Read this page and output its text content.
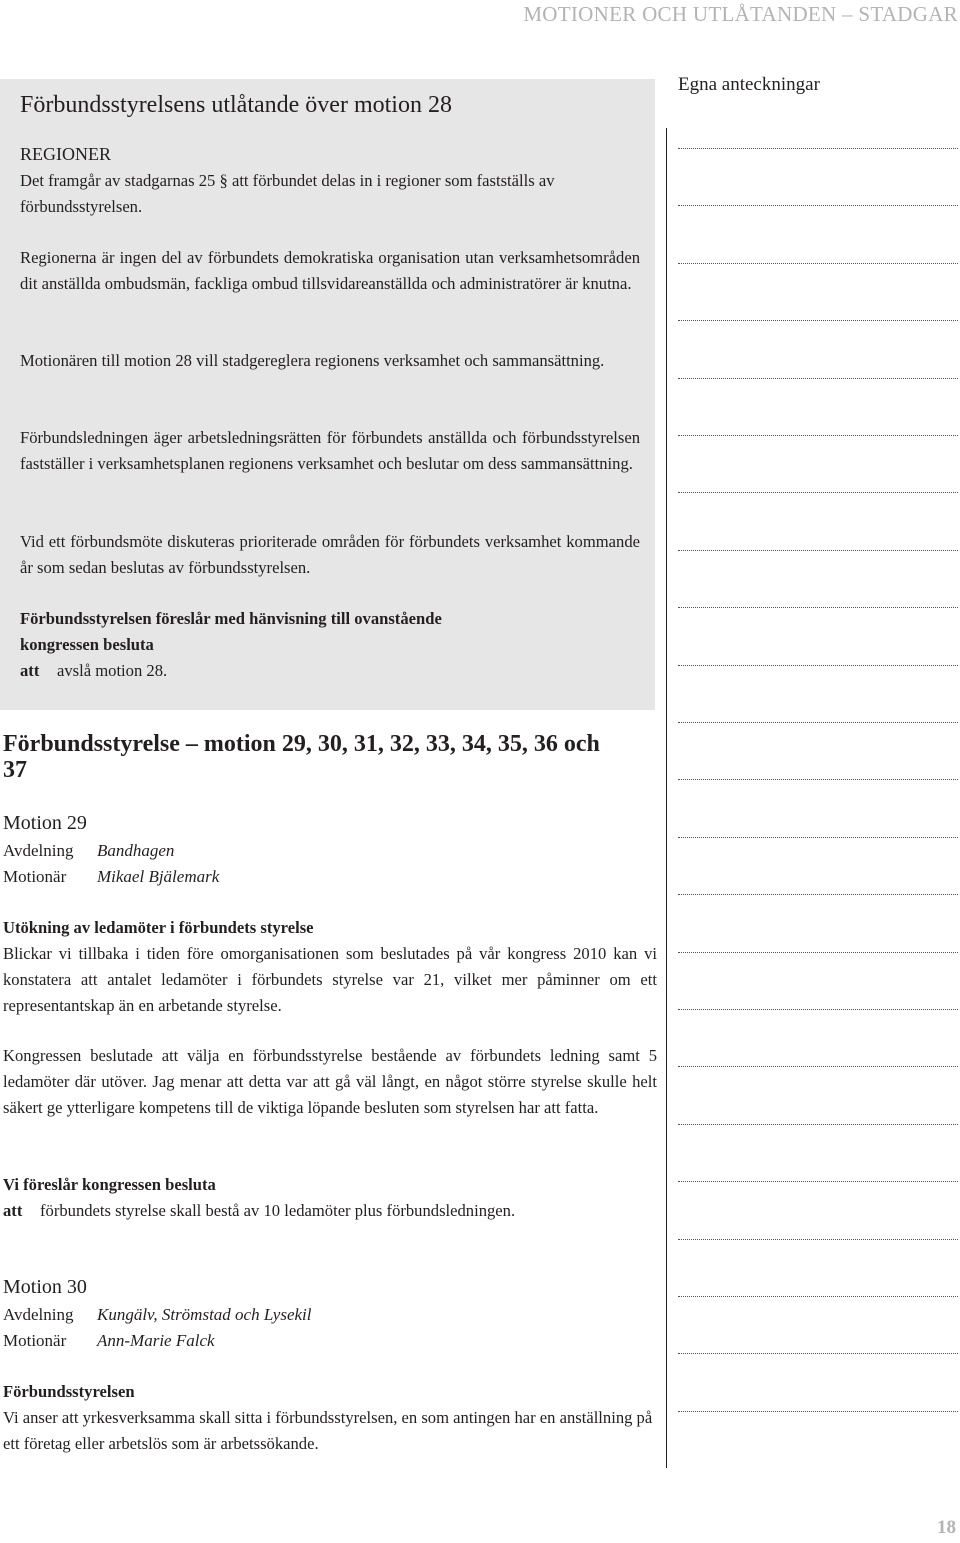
MOTIONER OCH UTLÅTANDEN – STADGAR
Förbundsstyrelsens utlåtande över motion 28
REGIONER

Det framgår av stadgarnas 25 § att förbundet delas in i regioner som fastställs av förbundsstyrelsen.

Regionerna är ingen del av förbundets demokratiska organisation utan verksamhetsområden dit anställda ombudsmän, fackliga ombud tillsvidareanställda och administratörer är knutna.

Motionären till motion 28 vill stadgereglera regionens verksamhet och sammansättning.

Förbundsledningen äger arbetsledningsrätten för förbundets anställda och förbundsstyrelsen fastställer i verksamhetsplanen regionens verksamhet och beslutar om dess sammansättning.

Vid ett förbundsmöte diskuteras prioriterade områden för förbundets verksamhet kommande år som sedan beslutas av förbundsstyrelsen.

Förbundsstyrelsen föreslår med hänvisning till ovanstående
kongressen besluta
att avslå motion 28.
Förbundsstyrelse – motion 29, 30, 31, 32, 33, 34, 35, 36 och 37
Motion 29
Avdelning Bandhagen
Motionär Mikael Bjälemark
Utökning av ledamöter i förbundets styrelse

Blickar vi tillbaka i tiden före omorganisationen som beslutades på vår kongress 2010 kan vi konstatera att antalet ledamöter i förbundets styrelse var 21, vilket mer påminner om ett representantskap än en arbetande styrelse.

Kongressen beslutade att välja en förbundsstyrelse bestående av förbundets ledning samt 5 ledamöter där utöver. Jag menar att detta var att gå väl långt, en något större styrelse skulle helt säkert ge ytterligare kompetens till de viktiga löpande besluten som styrelsen har att fatta.

Vi föreslår kongressen besluta
att förbundets styrelse skall bestå av 10 ledamöter plus förbundsledningen.
Motion 30
Avdelning Kungälv, Strömstad och Lysekil
Motionär Ann-Marie Falck
Förbundsstyrelsen

Vi anser att yrkesverksamma skall sitta i förbundsstyrelsen, en som antingen har en anställning på ett företag eller arbetslös som är arbetssökande.

Egna anteckningar
18
